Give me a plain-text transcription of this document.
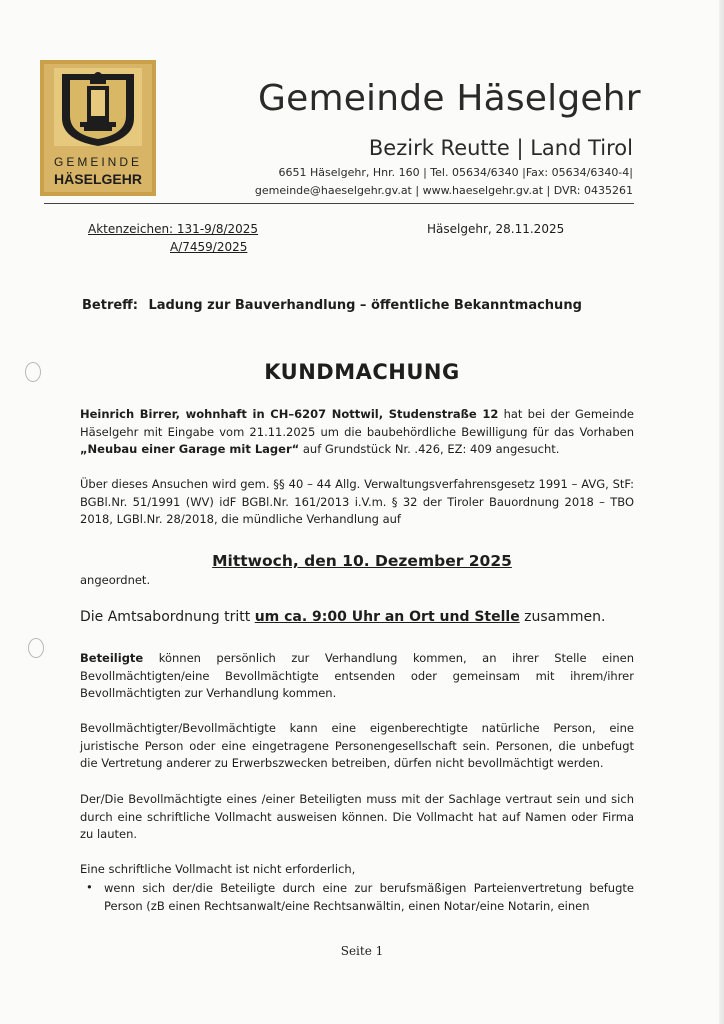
GEMEINDE
HÄSELGEHR
Gemeinde Häselgehr
Bezirk Reutte | Land Tirol
6651 Häselgehr, Hnr. 160 | Tel. 05634/6340 |Fax: 05634/6340-4|
gemeinde@haeselgehr.gv.at | www.haeselgehr.gv.at | DVR: 0435261
Aktenzeichen: 131-9/8/2025
A/7459/2025
Häselgehr, 28.11.2025
Betreff: Ladung zur Bauverhandlung – öffentliche Bekanntmachung
KUNDMACHUNG
Heinrich Birrer, wohnhaft in CH–6207 Nottwil, Studenstraße 12 hat bei der Gemeinde Häselgehr mit Eingabe vom 21.11.2025 um die baubehördliche Bewilligung für das Vorhaben „Neubau einer Garage mit Lager“ auf Grundstück Nr. .426, EZ: 409 angesucht.
Über dieses Ansuchen wird gem. §§ 40 – 44 Allg. Verwaltungsverfahrensgesetz 1991 – AVG, StF: BGBl.Nr. 51/1991 (WV) idF BGBl.Nr. 161/2013 i.V.m. § 32 der Tiroler Bauordnung 2018 – TBO 2018, LGBl.Nr. 28/2018, die mündliche Verhandlung auf
Mittwoch, den 10. Dezember 2025
angeordnet.
Die Amtsabordnung tritt um ca. 9:00 Uhr an Ort und Stelle zusammen.
Beteiligte können persönlich zur Verhandlung kommen, an ihrer Stelle einen Bevollmächtigten/eine Bevollmächtigte entsenden oder gemeinsam mit ihrem/ihrer Bevollmächtigten zur Verhandlung kommen.
Bevollmächtigter/Bevollmächtigte kann eine eigenberechtigte natürliche Person, eine juristische Person oder eine eingetragene Personengesellschaft sein. Personen, die unbefugt die Vertretung anderer zu Erwerbszwecken betreiben, dürfen nicht bevollmächtigt werden.
Der/Die Bevollmächtigte eines /einer Beteiligten muss mit der Sachlage vertraut sein und sich durch eine schriftliche Vollmacht ausweisen können. Die Vollmacht hat auf Namen oder Firma zu lauten.
Eine schriftliche Vollmacht ist nicht erforderlich,
• wenn sich der/die Beteiligte durch eine zur berufsmäßigen Parteienvertretung befugte Person (zB einen Rechtsanwalt/eine Rechtsanwältin, einen Notar/eine Notarin, einen
Seite 1
